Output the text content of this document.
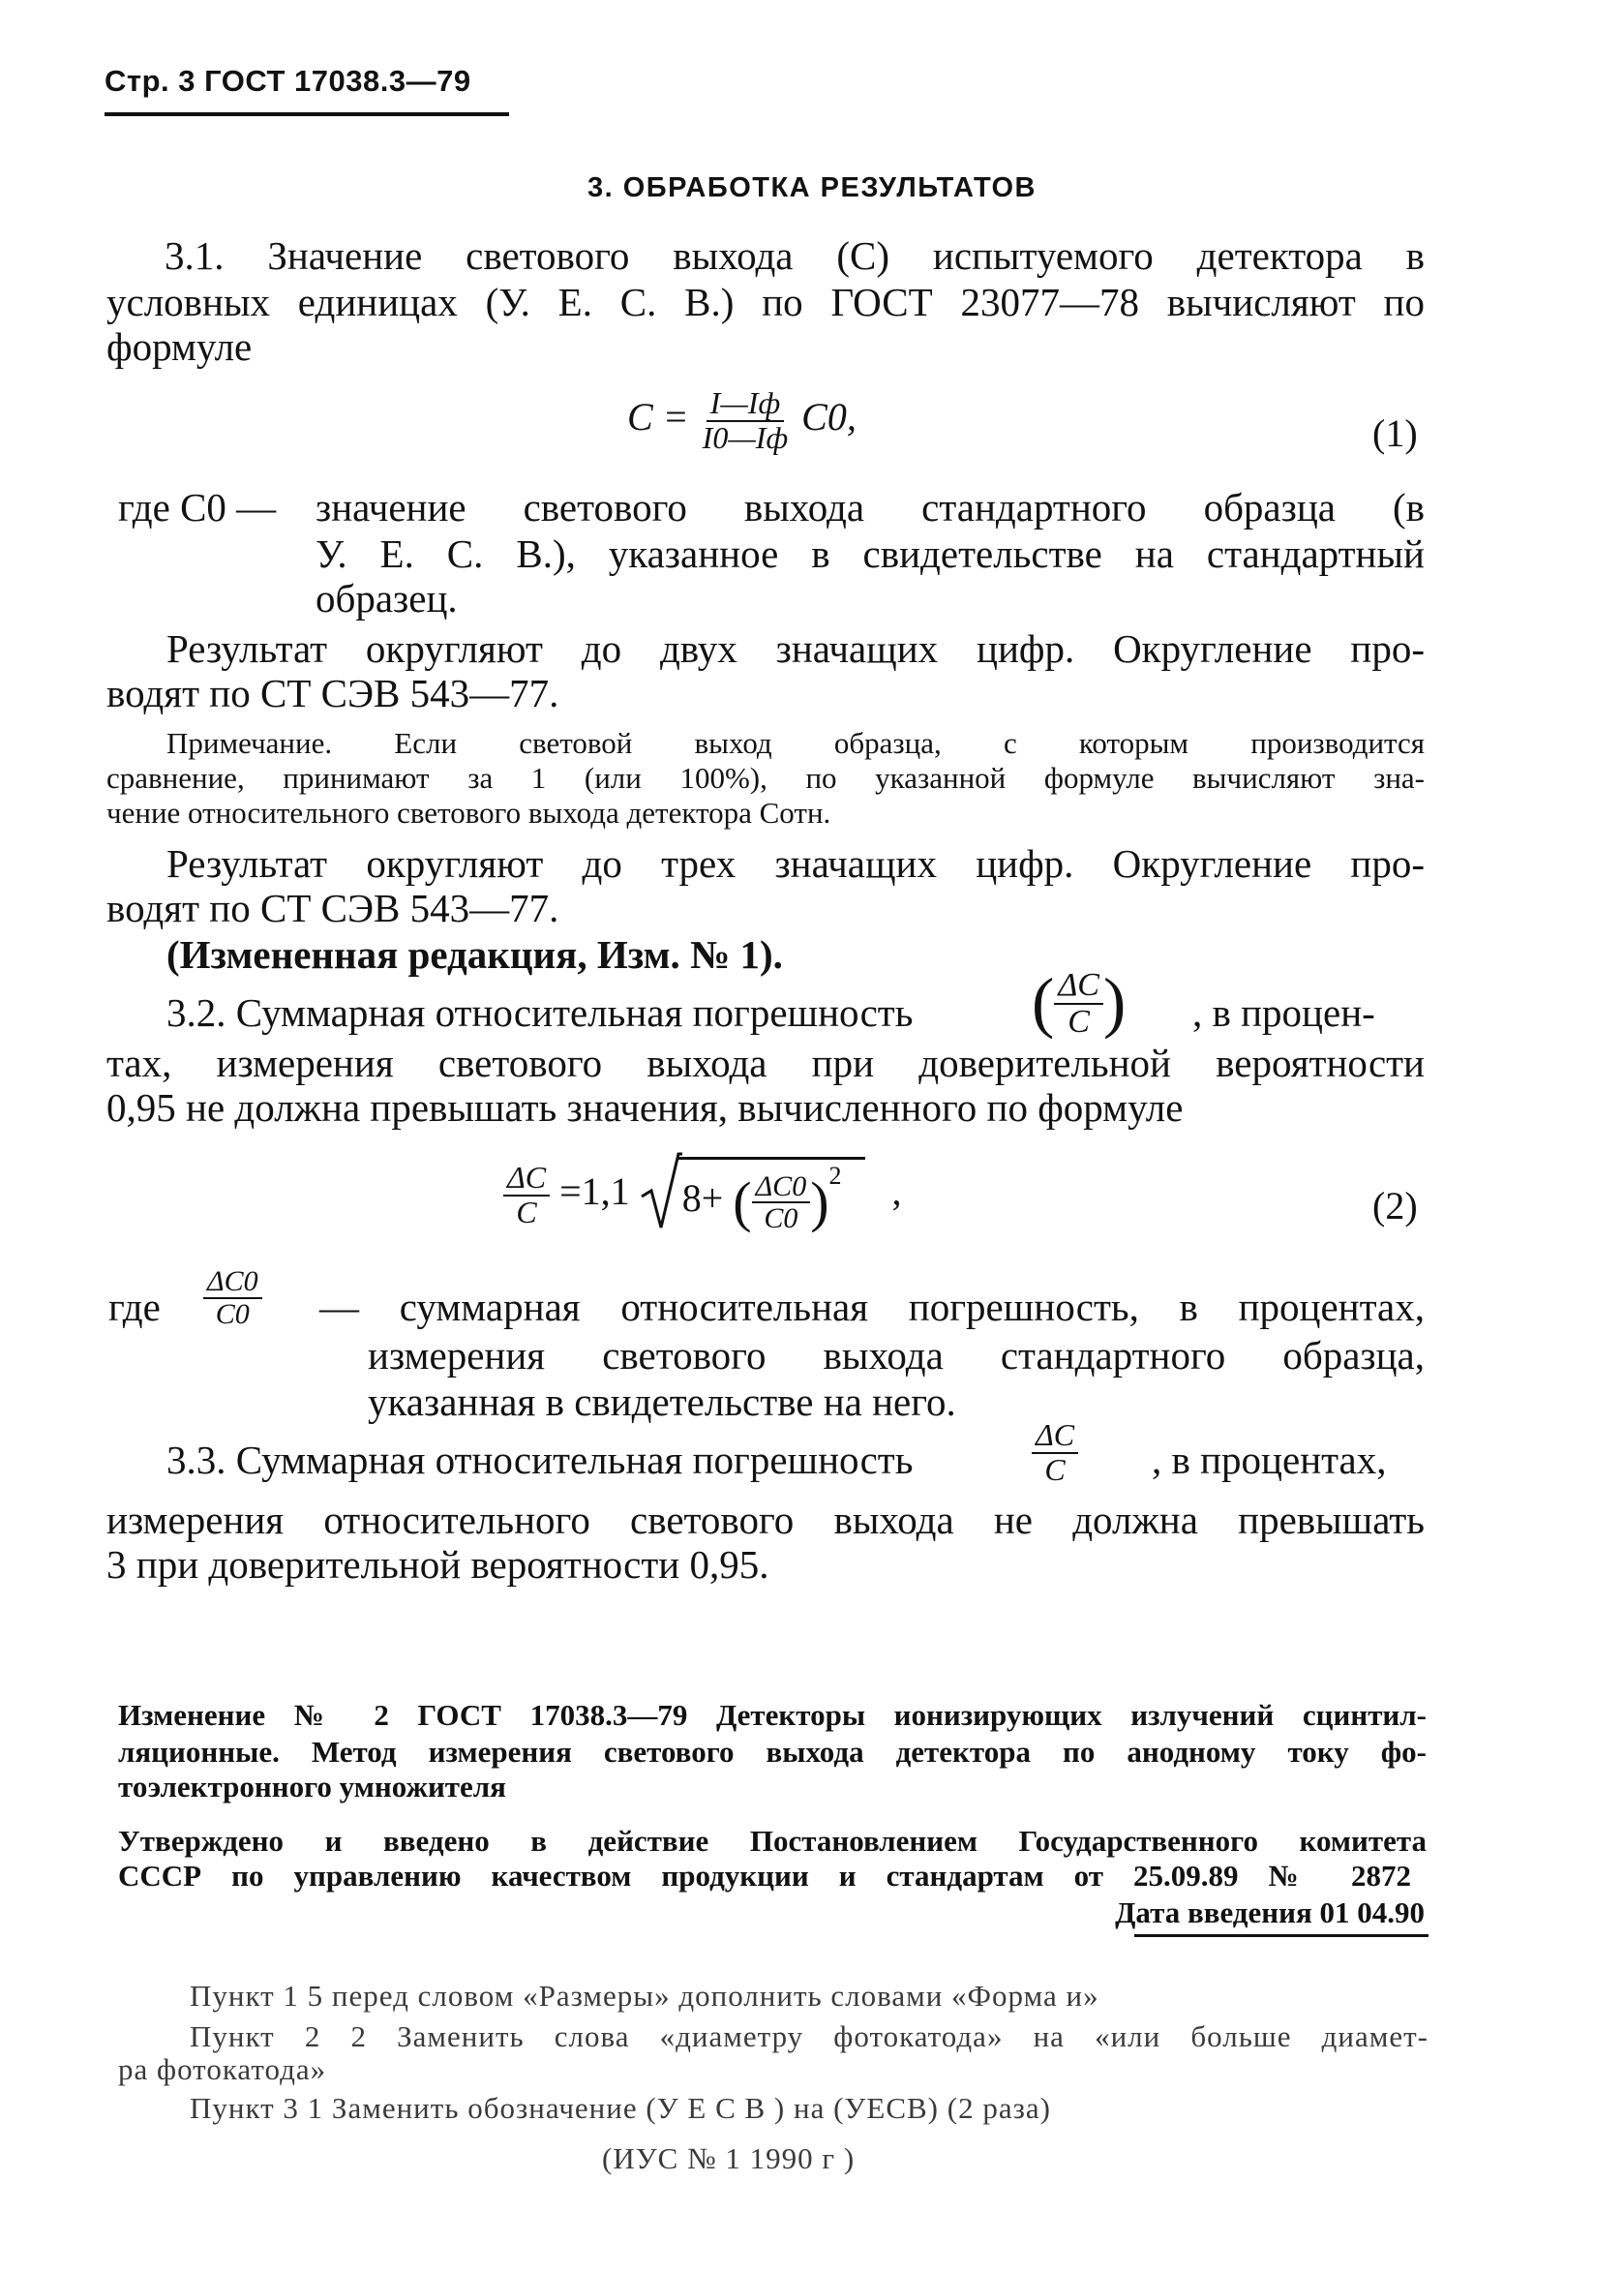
Стр. 3 ГОСТ 17038.3—79
3. ОБРАБОТКА РЕЗУЛЬТАТОВ
3.1. Значение светового выхода (С) испытуемого детектора в
условных единицах (У. Е. С. В.) по ГОСТ 23077—78 вычисляют по
формуле
$С = \frac{I—Iф}{I0—Iф} C0$,	(1)
где C0 — значение светового выхода стандартного образца (в
У. Е. С. В.), указанное в свидетельстве на стандартный
образец.
Результат округляют до двух значащих цифр. Округление про-
водят по СТ СЭВ 543—77.
Примечание. Если световой выход образца, с которым производится
сравнение, принимают за 1 (или 100%), по указанной формуле вычисляют зна-
чение относительного светового выхода детектора Сотн.
Результат округляют до трех значащих цифр. Округление про-
водят по СТ СЭВ 543—77.
(Измененная редакция, Изм. № 1).
3.2. Суммарная относительная погрешность ( $\frac{\Delta С}{С}$ ) , в процен-
тах, измерения светового выхода при доверительной вероятности
0,95 не должна превышать значения, вычисленного по формуле
$\frac{\Delta С}{С} =1,1$ 8+ ( $\frac{\Delta С0}{С0} )^2$ ,	(2)
где $\frac{\Delta С0}{С0}$ — суммарная относительная погрешность, в процентах,
измерения светового выхода стандартного образца,
указанная в свидетельстве на него.
3.3. Суммарная относительная погрешность	$\frac{\Delta С}{С}$ , в процентах,
измерения относительного светового выхода не должна превышать
3 при доверительной вероятности 0,95.
Изменение № 2 ГОСТ 17038.3—79 Детекторы ионизирующих излучений сцинтил-
ляционные. Метод измерения светового выхода детектора по анодному току фо-
тоэлектронного умножителя
Утверждено и введено в действие Постановлением Государственного комитета
СССР по управлению качеством продукции и стандартам от 25.09.89 № 2872
Дата введения 01 04.90
Пункт 1 5 перед словом «Размеры» дополнить словами «Форма и»
Пункт 2 2 Заменить слова «диаметру фотокатода» на «или больше диамет-
ра фотокатода»
Пункт 3 1 Заменить обозначение (У Е С В ) на (УЕСВ) (2 раза)
(ИУС № 1 1990 г )
